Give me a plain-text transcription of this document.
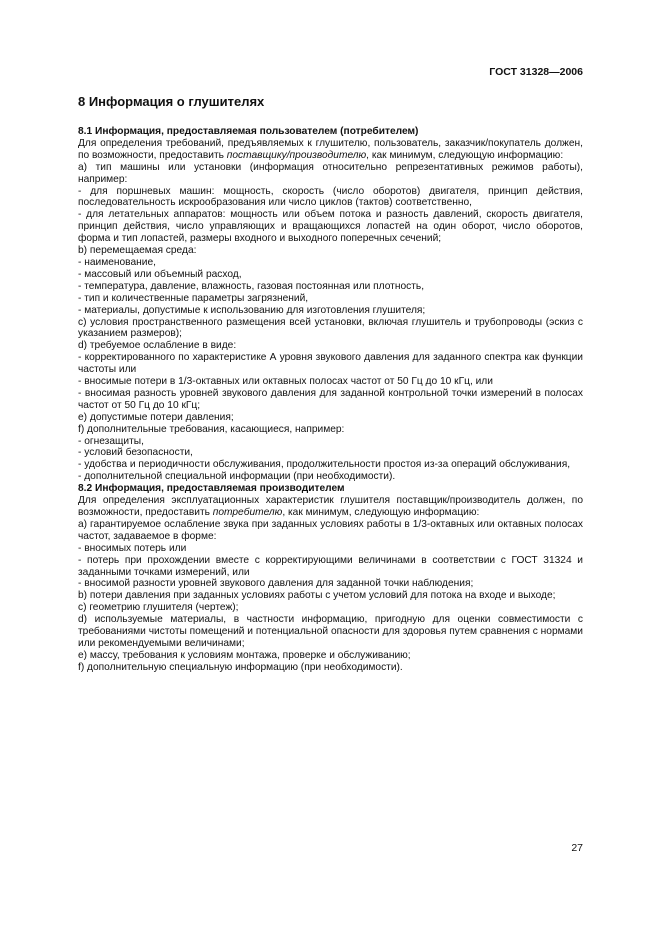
ГОСТ 31328—2006
8 Информация о глушителях
8.1 Информация, предоставляемая пользователем (потребителем)

Для определения требований, предъявляемых к глушителю, пользователь, заказчик/покупатель должен, по возможности, предоставить поставщику/производителю, как минимум, следующую информацию:

а) тип машины или установки (информация относительно репрезентативных режимов работы), например:

- для поршневых машин: мощность, скорость (число оборотов) двигателя, принцип действия, последовательность искрообразования или число циклов (тактов) соответственно,

- для летательных аппаратов: мощность или объем потока и разность давлений, скорость двигателя, принцип действия, число управляющих и вращающихся лопастей на один оборот, число оборотов, форма и тип лопастей, размеры входного и выходного поперечных сечений;

b) перемещаемая среда:

- наименование,

- массовый или объемный расход,

- температура, давление, влажность, газовая постоянная или плотность,

- тип и количественные параметры загрязнений,

- материалы, допустимые к использованию для изготовления глушителя;

c) условия пространственного размещения всей установки, включая глушитель и трубопроводы (эскиз с указанием размеров);

d) требуемое ослабление в виде:

- корректированного по характеристике А уровня звукового давления для заданного спектра как функции частоты или

- вносимые потери в 1/3-октавных или октавных полосах частот от 50 Гц до 10 кГц, или

- вносимая разность уровней звукового давления для заданной контрольной точки измерений в полосах частот от 50 Гц до 10 кГц;

e) допустимые потери давления;

f) дополнительные требования, касающиеся, например:

- огнезащиты,

- условий безопасности,

- удобства и периодичности обслуживания, продолжительности простоя из-за операций обслуживания,

- дополнительной специальной информации (при необходимости).

8.2 Информация, предоставляемая производителем

Для определения эксплуатационных характеристик глушителя поставщик/производитель должен, по возможности, предоставить потребителю, как минимум, следующую информацию:

а) гарантируемое ослабление звука при заданных условиях работы в 1/3-октавных или октавных полосах частот, задаваемое в форме:

- вносимых потерь или

- потерь при прохождении вместе с корректирующими величинами в соответствии с ГОСТ 31324 и заданными точками измерений, или

- вносимой разности уровней звукового давления для заданной точки наблюдения;

b) потери давления при заданных условиях работы с учетом условий для потока на входе и выходе;

c) геометрию глушителя (чертеж);

d) используемые материалы, в частности информацию, пригодную для оценки совместимости с требованиями чистоты помещений и потенциальной опасности для здоровья путем сравнения с нормами или рекомендуемыми величинами;

e) массу, требования к условиям монтажа, проверке и обслуживанию;

f) дополнительную специальную информацию (при необходимости).

27
